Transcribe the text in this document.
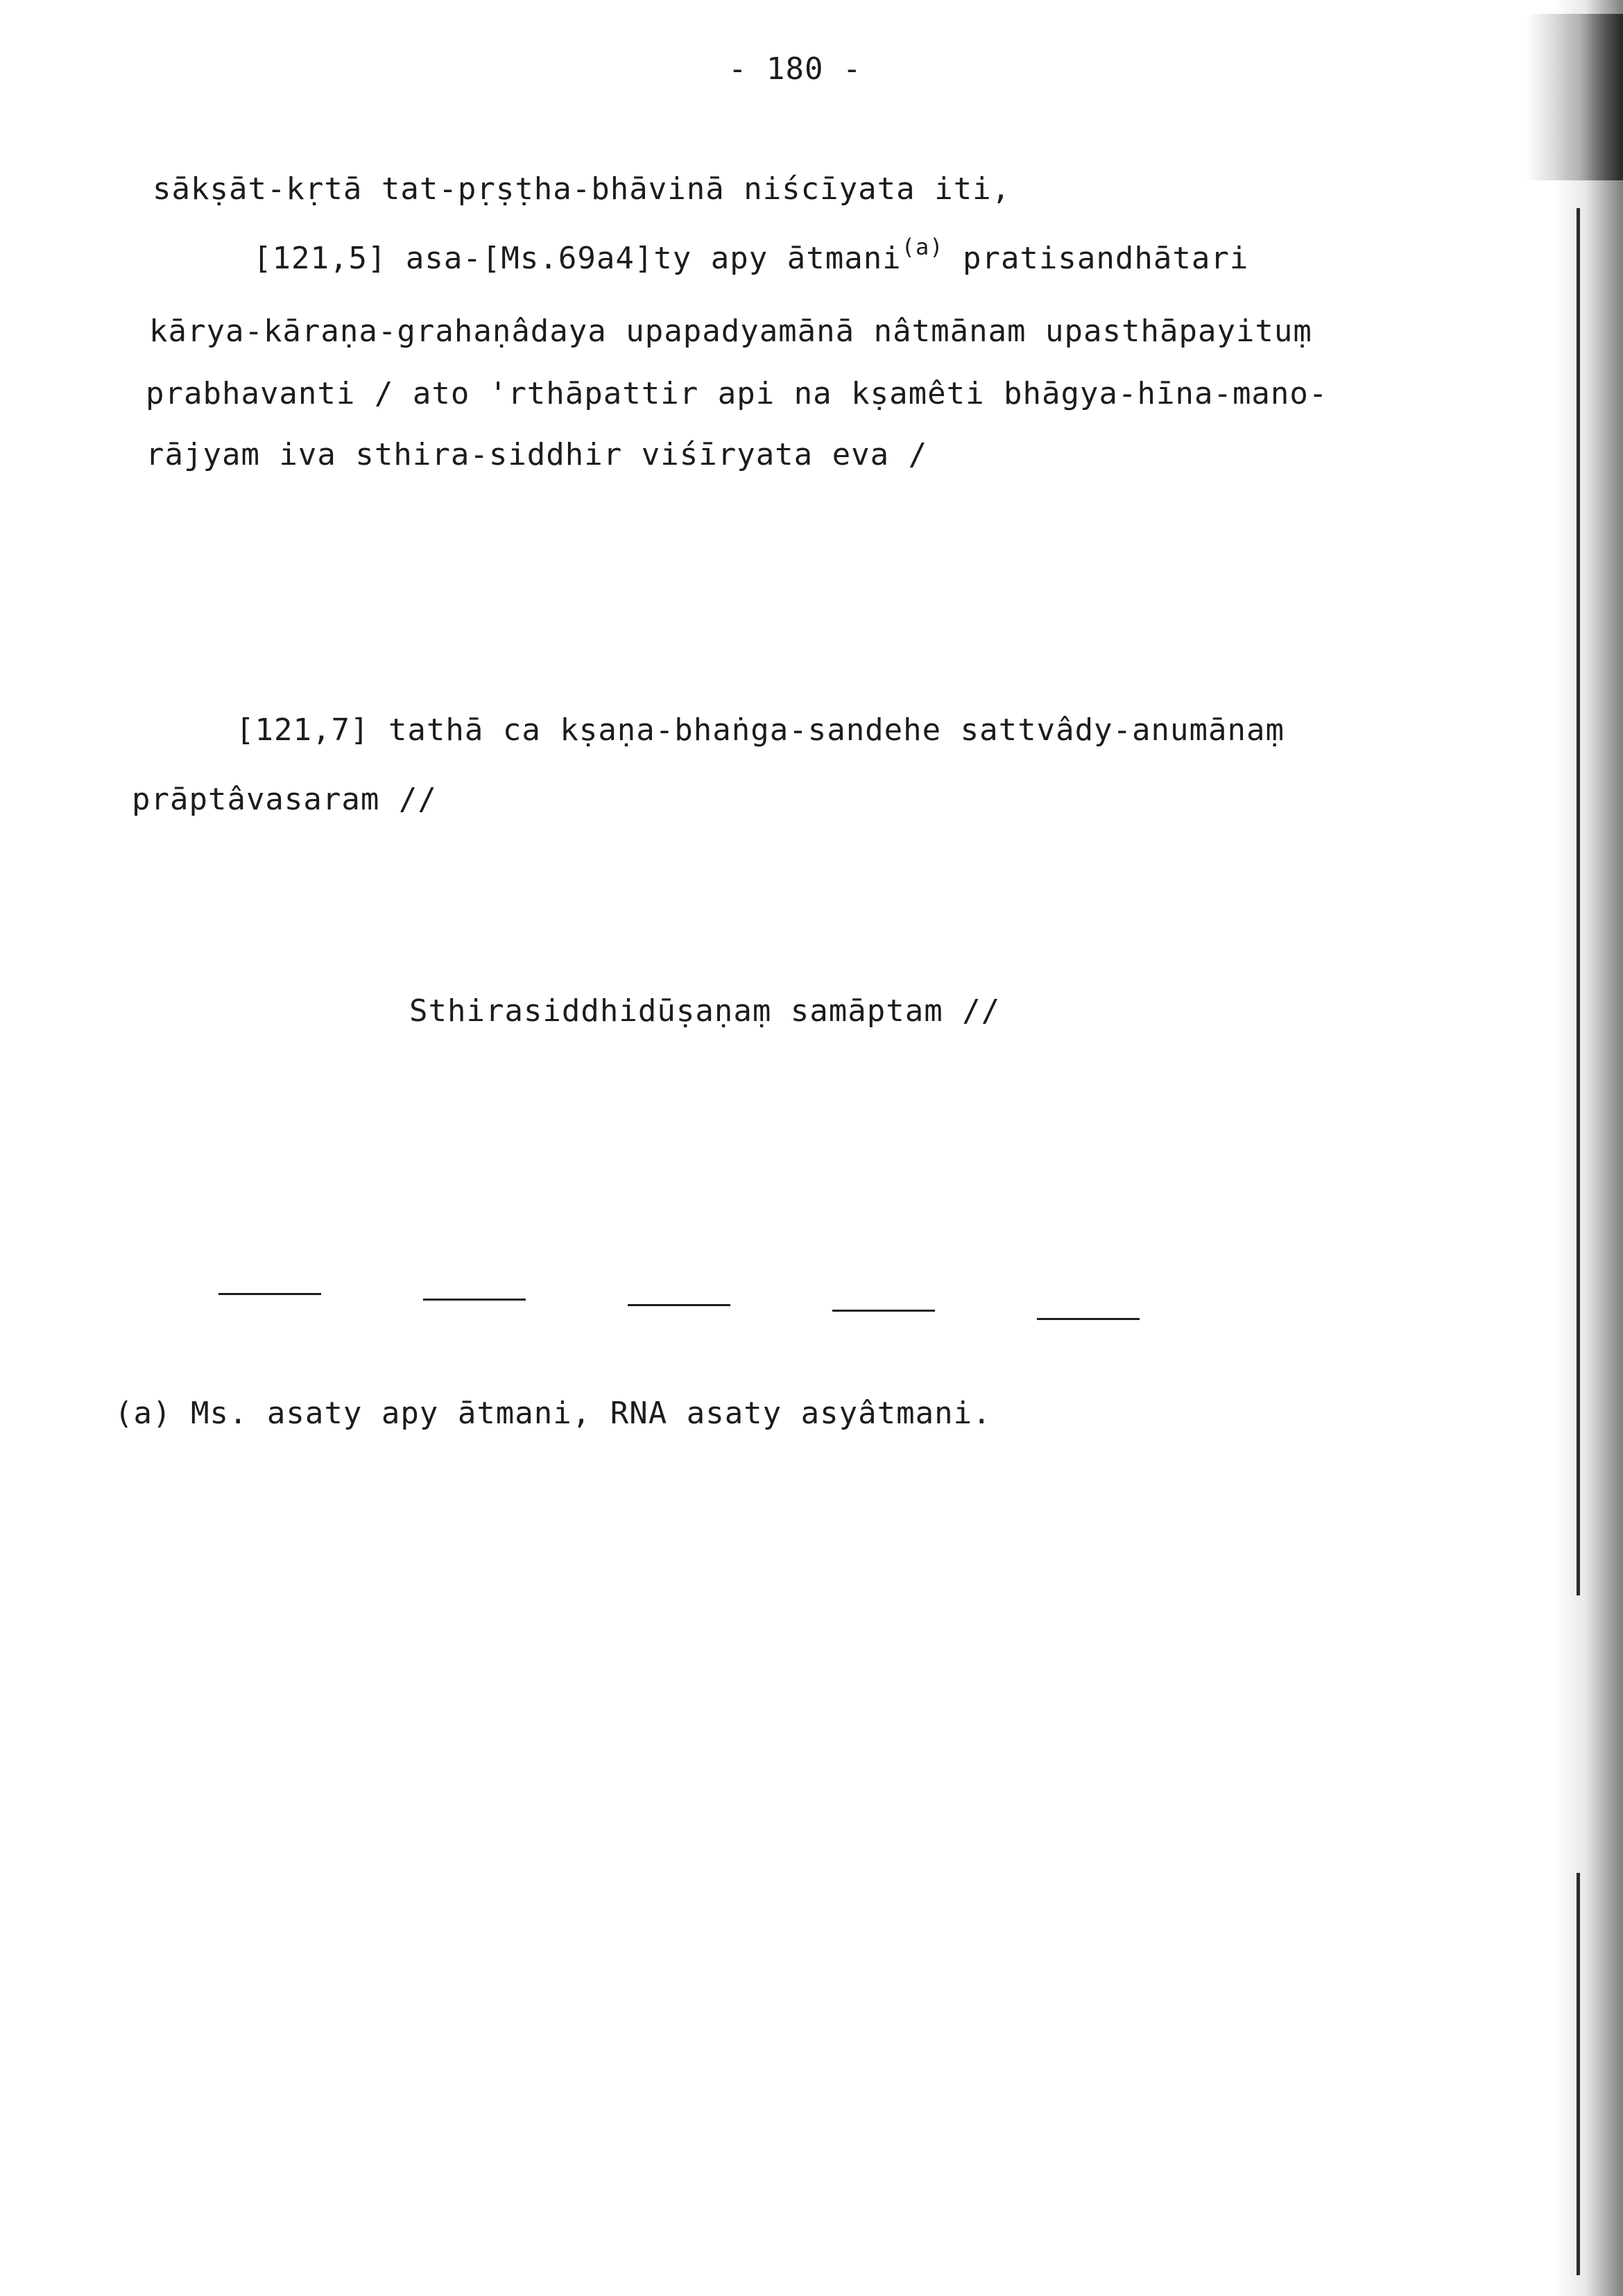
- 180 -
sākṣāt-kṛtā tat-pṛṣṭha-bhāvinā niścīyata iti,
[121,5] asa-[Ms.69a4]ty apy ātmani$^{(a)}$ pratisandhātari
kārya-kāraṇa-grahaṇâdaya upapadyamānā nâtmānam upasthāpayituṃ
prabhavanti / ato 'rthāpattir api na kṣamêti bhāgya-hīna-mano-
rājyam iva sthira-siddhir viśīryata eva /
[121,7] tathā ca kṣaṇa-bhaṅga-sandehe sattvâdy-anumānaṃ
prāptâvasaram //
Sthirasiddhidūṣaṇaṃ samāptam //
(a) Ms. asaty apy ātmani, RNA asaty asyâtmani.
